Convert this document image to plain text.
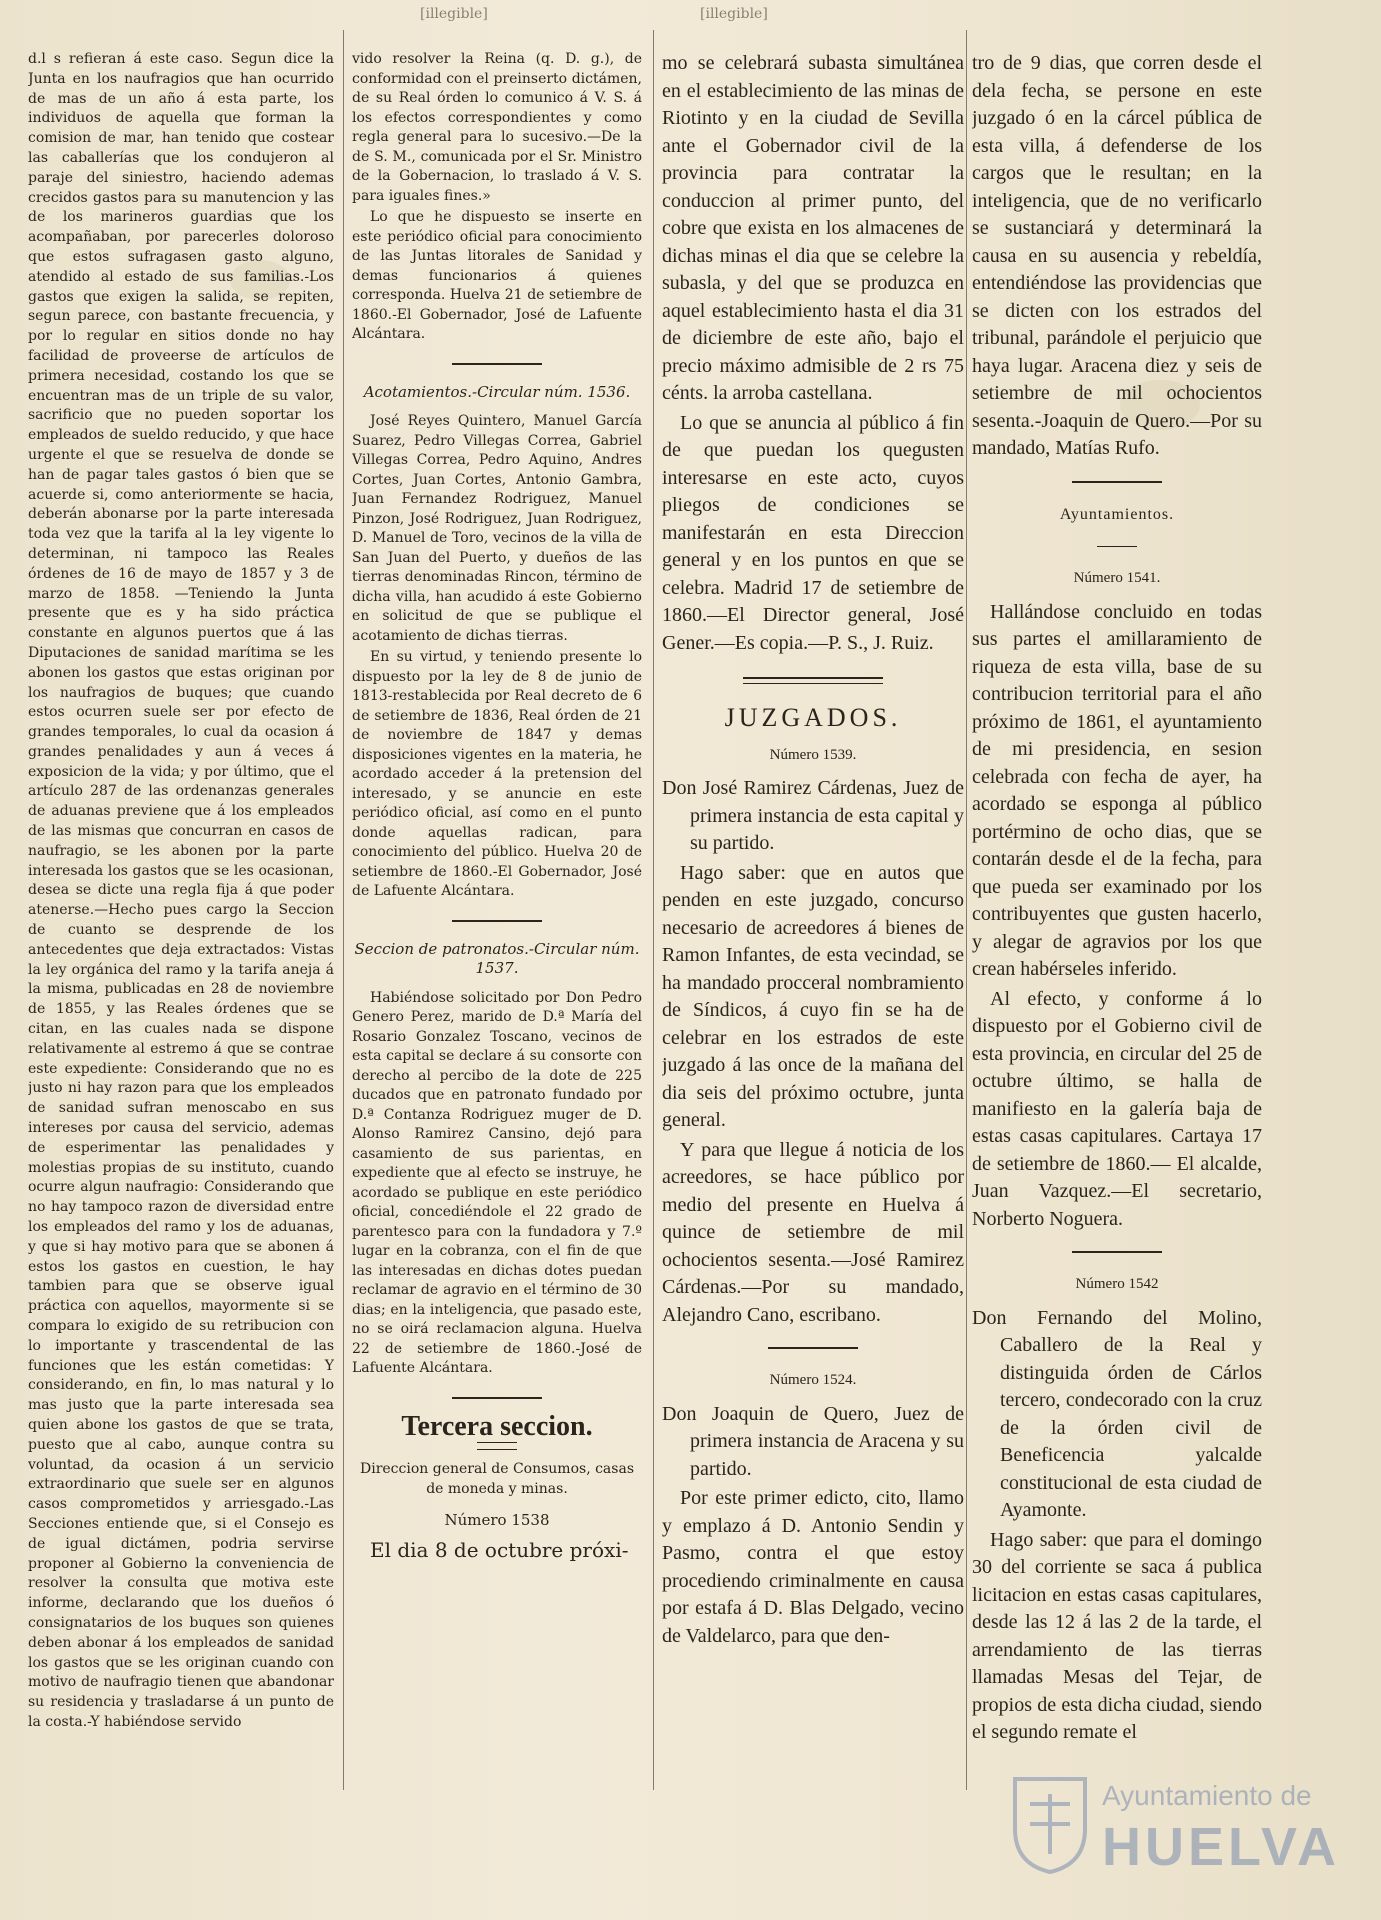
[illegible]	[illegible]

d.l s refieran á este caso. Segun dice la Junta en los naufragios que han ocurrido de mas de un año á esta parte, los individuos de aquella que forman la comision de mar, han tenido que costear las caballerías que los condujeron al paraje del siniestro, haciendo ademas crecidos gastos para su manutencion y las de los marineros guardias que los acompañaban, por parecerles doloroso que estos sufragasen gasto alguno, atendido al estado de sus familias.-Los gastos que exigen la salida, se repiten, segun parece, con bastante frecuencia, y por lo regular en sitios donde no hay facilidad de proveerse de artículos de primera necesidad, costando los que se encuentran mas de un triple de su valor, sacrificio que no pueden soportar los empleados de sueldo reducido, y que hace urgente el que se resuelva de donde se han de pagar tales gastos ó bien que se acuerde si, como anteriormente se hacia, deberán abonarse por la parte interesada toda vez que la tarifa al la ley vigente lo determinan, ni tampoco las Reales órdenes de 16 de mayo de 1857 y 3 de marzo de 1858. —Teniendo la Junta presente que es y ha sido práctica constante en algunos puertos que á las Diputaciones de sanidad marítima se les abonen los gastos que estas originan por los naufragios de buques; que cuando estos ocurren suele ser por efecto de grandes temporales, lo cual da ocasion á grandes penalidades y aun á veces á exposicion de la vida; y por último, que el artículo 287 de las ordenanzas generales de aduanas previene que á los empleados de las mismas que concurran en casos de naufragio, se les abonen por la parte interesada los gastos que se les ocasionan, desea se dicte una regla fija á que poder atenerse.—Hecho pues cargo la Seccion de cuanto se desprende de los antecedentes que deja extractados: Vistas la ley orgánica del ramo y la tarifa aneja á la misma, publicadas en 28 de noviembre de 1855, y las Reales órdenes que se citan, en las cuales nada se dispone relativamente al estremo á que se contrae este expediente: Considerando que no es justo ni hay razon para que los empleados de sanidad sufran menoscabo en sus intereses por causa del servicio, ademas de esperimentar las penalidades y molestias propias de su instituto, cuando ocurre algun naufragio: Considerando que no hay tampoco razon de diversidad entre los empleados del ramo y los de aduanas, y que si hay motivo para que se abonen á estos los gastos en cuestion, le hay tambien para que se observe igual práctica con aquellos, mayormente si se compara lo exigido de su retribucion con lo importante y trascendental de las funciones que les están cometidas: Y considerando, en fin, lo mas natural y lo mas justo que la parte interesada sea quien abone los gastos de que se trata, puesto que al cabo, aunque contra su voluntad, da ocasion á un servicio extraordinario que suele ser en algunos casos comprometidos y arriesgado.-Las Secciones entiende que, si el Consejo es de igual dictámen, podria servirse proponer al Gobierno la conveniencia de resolver la consulta que motiva este informe, declarando que los dueños ó consignatarios de los buques son quienes deben abonar á los empleados de sanidad los gastos que se les originan cuando con motivo de naufragio tienen que abandonar su residencia y trasladarse á un punto de la costa.-Y habiéndose servido

vido resolver la Reina (q. D. g.), de conformidad con el preinserto dictámen, de su Real órden lo comunico á V. S. á los efectos correspondientes y como regla general para lo sucesivo.—De la de S. M., comunicada por el Sr. Ministro de la Gobernacion, lo traslado á V. S. para iguales fines.»

Lo que he dispuesto se inserte en este periódico oficial para conocimiento de las Juntas litorales de Sanidad y demas funcionarios á quienes corresponda. Huelva 21 de setiembre de 1860.-El Gobernador, José de Lafuente Alcántara.

Acotamientos.-Circular núm. 1536.

José Reyes Quintero, Manuel García Suarez, Pedro Villegas Correa, Gabriel Villegas Correa, Pedro Aquino, Andres Cortes, Juan Cortes, Antonio Gambra, Juan Fernandez Rodriguez, Manuel Pinzon, José Rodriguez, Juan Rodriguez, D. Manuel de Toro, vecinos de la villa de San Juan del Puerto, y dueños de las tierras denominadas Rincon, término de dicha villa, han acudido á este Gobierno en solicitud de que se publique el acotamiento de dichas tierras.

En su virtud, y teniendo presente lo dispuesto por la ley de 8 de junio de 1813-restablecida por Real decreto de 6 de setiembre de 1836, Real órden de 21 de noviembre de 1847 y demas disposiciones vigentes en la materia, he acordado acceder á la pretension del interesado, y se anuncie en este periódico oficial, así como en el punto donde aquellas radican, para conocimiento del público. Huelva 20 de setiembre de 1860.-El Gobernador, José de Lafuente Alcántara.

Seccion de patronatos.-Circular núm. 1537.

Habiéndose solicitado por Don Pedro Genero Perez, marido de D.ª María del Rosario Gonzalez Toscano, vecinos de esta capital se declare á su consorte con derecho al percibo de la dote de 225 ducados que en patronato fundado por D.ª Contanza Rodriguez muger de D. Alonso Ramirez Cansino, dejó para casamiento de sus parientas, en expediente que al efecto se instruye, he acordado se publique en este periódico oficial, concediéndole el 22 grado de parentesco para con la fundadora y 7.º lugar en la cobranza, con el fin de que las interesadas en dichas dotes puedan reclamar de agravio en el término de 30 dias; en la inteligencia, que pasado este, no se oirá reclamacion alguna. Huelva 22 de setiembre de 1860.-José de Lafuente Alcántara.

Tercera seccion.
Direccion general de Consumos, casas de moneda y minas.
Número 1538

El dia 8 de octubre próxi-

mo se celebrará subasta simultánea en el establecimiento de las minas de Riotinto y en la ciudad de Sevilla ante el Gobernador civil de la provincia para contratar la conduccion al primer punto, del cobre que exista en los almacenes de dichas minas el dia que se celebre la subasla, y del que se produzca en aquel establecimiento hasta el dia 31 de diciembre de este año, bajo el precio máximo admisible de 2 rs 75 cénts. la arroba castellana.

Lo que se anuncia al público á fin de que puedan los quegusten interesarse en este acto, cuyos pliegos de condiciones se manifestarán en esta Direccion general y en los puntos en que se celebra. Madrid 17 de setiembre de 1860.—El Director general, José Gener.—Es copia.—P. S., J. Ruiz.

JUZGADOS.
Número 1539.

Don José Ramirez Cárdenas, Juez de primera instancia de esta capital y su partido.

Hago saber: que en autos que penden en este juzgado, concurso necesario de acreedores á bienes de Ramon Infantes, de esta vecindad, se ha mandado procceral nombramiento de Síndicos, á cuyo fin se ha de celebrar en los estrados de este juzgado á las once de la mañana del dia seis del próximo octubre, junta general.

Y para que llegue á noticia de los acreedores, se hace público por medio del presente en Huelva á quince de setiembre de mil ochocientos sesenta.—José Ramirez Cárdenas.—Por su mandado, Alejandro Cano, escribano.

Número 1524.

Don Joaquin de Quero, Juez de primera instancia de Aracena y su partido.

Por este primer edicto, cito, llamo y emplazo á D. Antonio Sendin y Pasmo, contra el que estoy procediendo criminalmente en causa por estafa á D. Blas Delgado, vecino de Valdelarco, para que den-

tro de 9 dias, que corren desde el dela fecha, se persone en este juzgado ó en la cárcel pública de esta villa, á defenderse de los cargos que le resultan; en la inteligencia, que de no verificarlo se sustanciará y determinará la causa en su ausencia y rebeldía, entendiéndose las providencias que se dicten con los estrados del tribunal, parándole el perjuicio que haya lugar. Aracena diez y seis de setiembre de mil ochocientos sesenta.-Joaquin de Quero.—Por su mandado, Matías Rufo.

Ayuntamientos.
Número 1541.

Hallándose concluido en todas sus partes el amillaramiento de riqueza de esta villa, base de su contribucion territorial para el año próximo de 1861, el ayuntamiento de mi presidencia, en sesion celebrada con fecha de ayer, ha acordado se esponga al público portérmino de ocho dias, que se contarán desde el de la fecha, para que pueda ser examinado por los contribuyentes que gusten hacerlo, y alegar de agravios por los que crean habérseles inferido.

Al efecto, y conforme á lo dispuesto por el Gobierno civil de esta provincia, en circular del 25 de octubre último, se halla de manifiesto en la galería baja de estas casas capitulares. Cartaya 17 de setiembre de 1860.— El alcalde, Juan Vazquez.—El secretario, Norberto Noguera.

Número 1542

Don Fernando del Molino, Caballero de la Real y distinguida órden de Cárlos tercero, condecorado con la cruz de la órden civil de Beneficencia yalcalde constitucional de esta ciudad de Ayamonte.

Hago saber: que para el domingo 30 del corriente se saca á publica licitacion en estas casas capitulares, desde las 12 á las 2 de la tarde, el arrendamiento de las tierras llamadas Mesas del Tejar, de propios de esta dicha ciudad, siendo el segundo remate el

Ayuntamiento de
HUELVA
